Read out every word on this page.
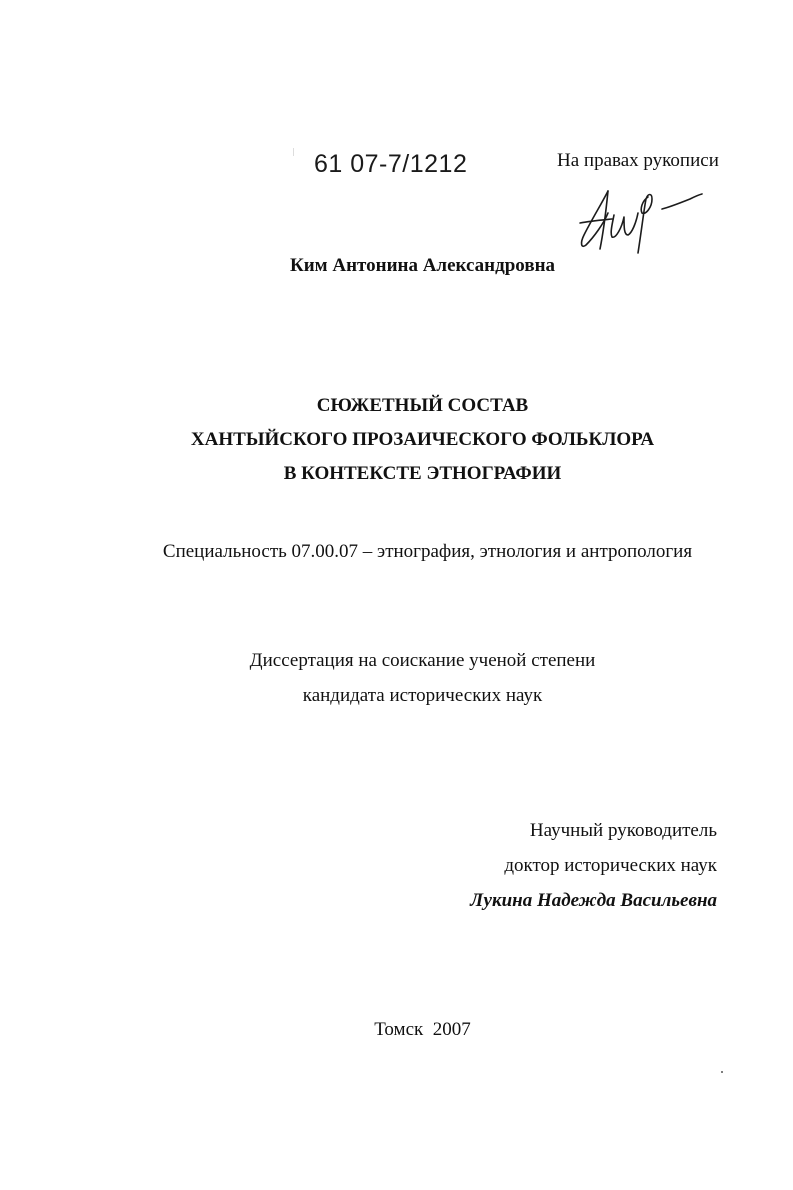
61 07-7/1212	На правах рукописи
Ким Антонина Александровна
СЮЖЕТНЫЙ СОСТАВ
ХАНТЫЙСКОГО ПРОЗАИЧЕСКОГО ФОЛЬКЛОРА
В КОНТЕКСТЕ ЭТНОГРАФИИ
Специальность 07.00.07 – этнография, этнология и антропология
Диссертация на соискание ученой степени
кандидата исторических наук
Научный руководитель
доктор исторических наук
Лукина Надежда Васильевна
Томск 2007
